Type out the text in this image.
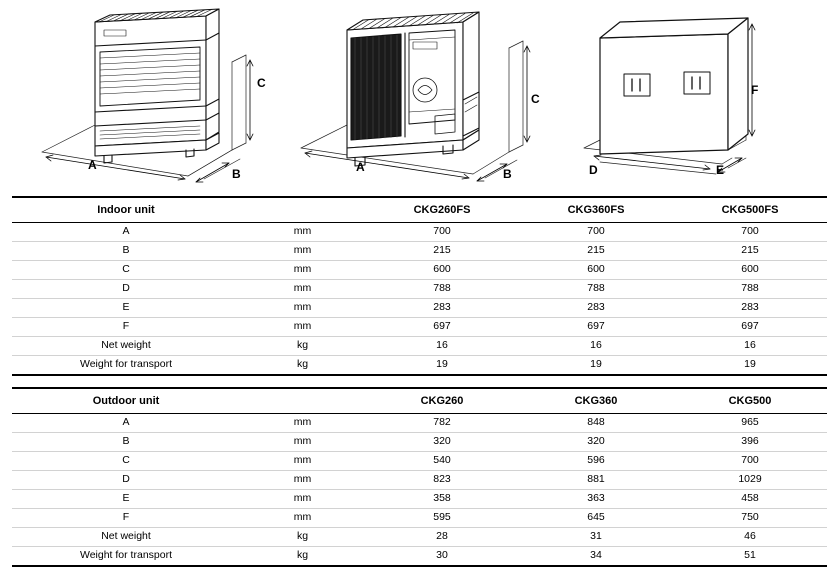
A
B
C
A	B
C
D	E
F
Indoor unit		CKG260FS	CKG360FS	CKG500FS
A	mm	700	700	700
B	mm	215	215	215
C	mm	600	600	600
D	mm	788	788	788
E	mm	283	283	283
F	mm	697	697	697
Net weight	kg	16	16	16
Weight for transport	kg	19	19	19
Outdoor unit		CKG260	CKG360	CKG500
A	mm	782	848	965
B	mm	320	320	396
C	mm	540	596	700
D	mm	823	881	1029
E	mm	358	363	458
F	mm	595	645	750
Net weight	kg	28	31	46
Weight for transport	kg	30	34	51
